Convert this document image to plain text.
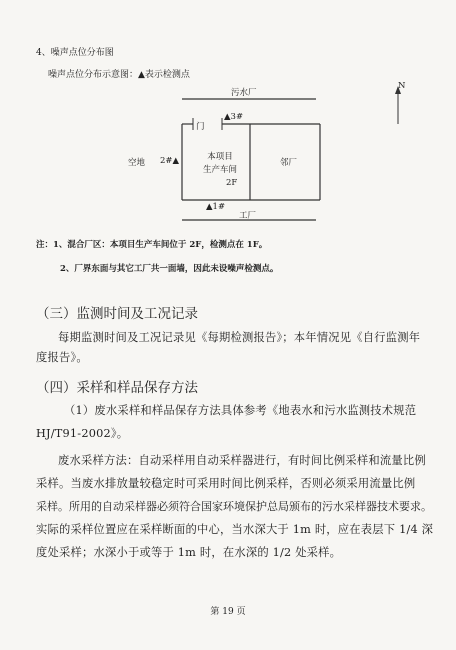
4、噪声点位分布图
噪声点位分布示意图：▲表示检测点
N
污水厂
门
▲3#
空地 2#▲	本项目
生产车间
2F
邻厂
▲1#
工厂
注：1、混合厂区：本项目生产车间位于 2F，检测点在 1F。
2、厂界东面与其它工厂共一面墙，因此未设噪声检测点。
（三）监测时间及工况记录
每期监测时间及工况记录见《每期检测报告》；本年情况见《自行监测年
度报告》。
（四）采样和样品保存方法
（1）废水采样和样品保存方法具体参考《地表水和污水监测技术规范
HJ/T91-2002》。
废水采样方法：自动采样用自动采样器进行，有时间比例采样和流量比例
采样。当废水排放量较稳定时可采用时间比例采样，否则必须采用流量比例
采样。所用的自动采样器必须符合国家环境保护总局颁布的污水采样器技术要求。
实际的采样位置应在采样断面的中心，当水深大于 1m 时，应在表层下 1/4 深
度处采样；水深小于或等于 1m 时，在水深的 1/2 处采样。
第 19 页
